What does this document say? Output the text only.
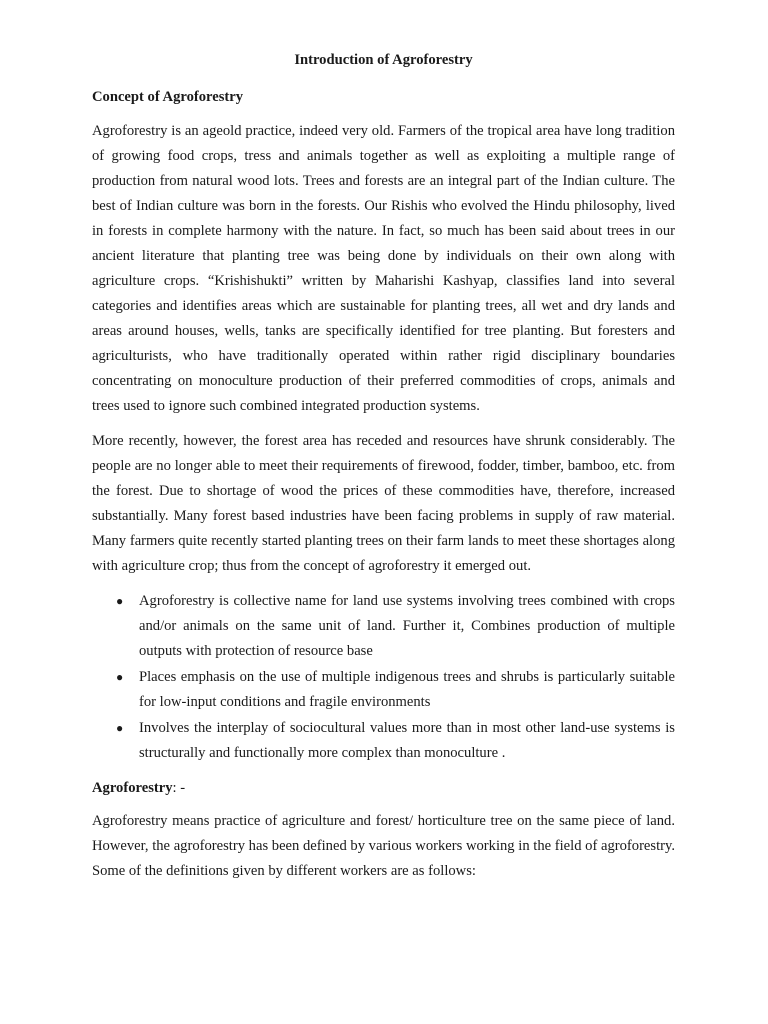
Introduction of Agroforestry
Concept of Agroforestry

Agroforestry is an ageold practice, indeed very old. Farmers of the tropical area have long tradition of growing food crops, tress and animals together as well as exploiting a multiple range of production from natural wood lots. Trees and forests are an integral part of the Indian culture. The best of Indian culture was born in the forests. Our Rishis who evolved the Hindu philosophy, lived in forests in complete harmony with the nature. In fact, so much has been said about trees in our ancient literature that planting tree was being done by individuals on their own along with agriculture crops. “Krishishukti” written by Maharishi Kashyap, classifies land into several categories and identifies areas which are sustainable for planting trees, all wet and dry lands and areas around houses, wells, tanks are specifically identified for tree planting. But foresters and agriculturists, who have traditionally operated within rather rigid disciplinary boundaries concentrating on monoculture production of their preferred commodities of crops, animals and trees used to ignore such combined integrated production systems.

More recently, however, the forest area has receded and resources have shrunk considerably. The people are no longer able to meet their requirements of firewood, fodder, timber, bamboo, etc. from the forest. Due to shortage of wood the prices of these commodities have, therefore, increased substantially. Many forest based industries have been facing problems in supply of raw material. Many farmers quite recently started planting trees on their farm lands to meet these shortages along with agriculture crop; thus from the concept of agroforestry it emerged out.

● Agroforestry is collective name for land use systems involving trees combined with crops and/or animals on the same unit of land. Further it, Combines production of multiple outputs with protection of resource base
● Places emphasis on the use of multiple indigenous trees and shrubs is particularly suitable for low-input conditions and fragile environments
● Involves the interplay of sociocultural values more than in most other land-use systems is structurally and functionally more complex than monoculture .
Agroforestry: -

Agroforestry means practice of agriculture and forest/ horticulture tree on the same piece of land. However, the agroforestry has been defined by various workers working in the field of agroforestry. Some of the definitions given by different workers are as follows:
